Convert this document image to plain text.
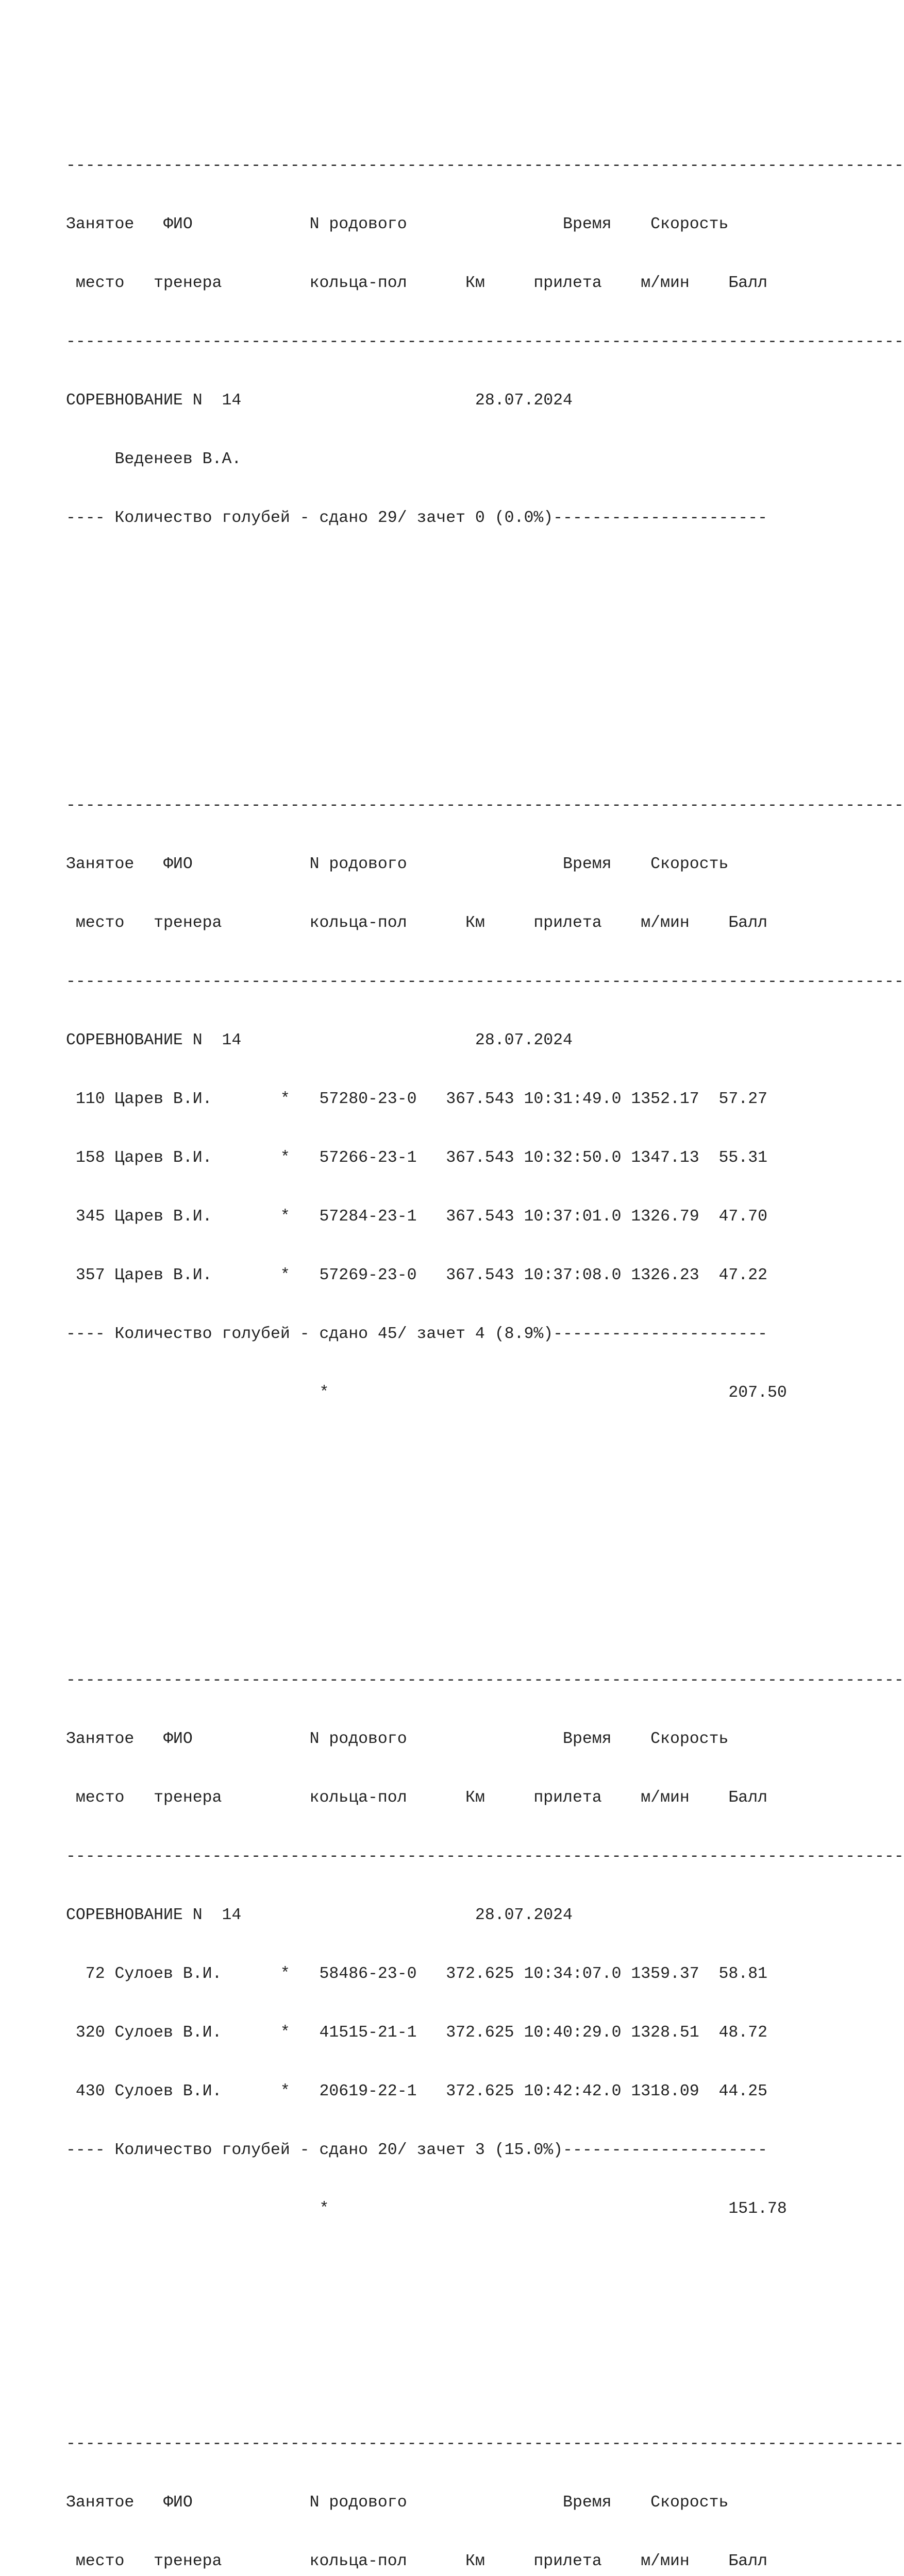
--------------------------------------------------------------------------------------

Занятое   ФИО            N родового                Время    Скорость

место   тренера         кольца-пол      Км     прилета    м/мин    Балл

--------------------------------------------------------------------------------------

СОРЕВНОВАНИЕ N  14                        28.07.2024

Веденеев В.А.

---- Количество голубей - сдано 29/ зачет 0 (0.0%)----------------------

--------------------------------------------------------------------------------------

Занятое   ФИО            N родового                Время    Скорость

место   тренера         кольца-пол      Км     прилета    м/мин    Балл

--------------------------------------------------------------------------------------

СОРЕВНОВАНИЕ N  14                        28.07.2024

110 Царев В.И.       *   57280-23-0   367.543 10:31:49.0 1352.17  57.27

158 Царев В.И.       *   57266-23-1   367.543 10:32:50.0 1347.13  55.31

345 Царев В.И.       *   57284-23-1   367.543 10:37:01.0 1326.79  47.70

357 Царев В.И.       *   57269-23-0   367.543 10:37:08.0 1326.23  47.22

---- Количество голубей - сдано 45/ зачет 4 (8.9%)----------------------

*                                         207.50

--------------------------------------------------------------------------------------

Занятое   ФИО            N родового                Время    Скорость

место   тренера         кольца-пол      Км     прилета    м/мин    Балл

--------------------------------------------------------------------------------------

СОРЕВНОВАНИЕ N  14                        28.07.2024

72 Сулоев В.И.      *   58486-23-0   372.625 10:34:07.0 1359.37  58.81

320 Сулоев В.И.      *   41515-21-1   372.625 10:40:29.0 1328.51  48.72

430 Сулоев В.И.      *   20619-22-1   372.625 10:42:42.0 1318.09  44.25

---- Количество голубей - сдано 20/ зачет 3 (15.0%)---------------------

*                                         151.78

--------------------------------------------------------------------------------------

Занятое   ФИО            N родового                Время    Скорость

место   тренера         кольца-пол      Км     прилета    м/мин    Балл
